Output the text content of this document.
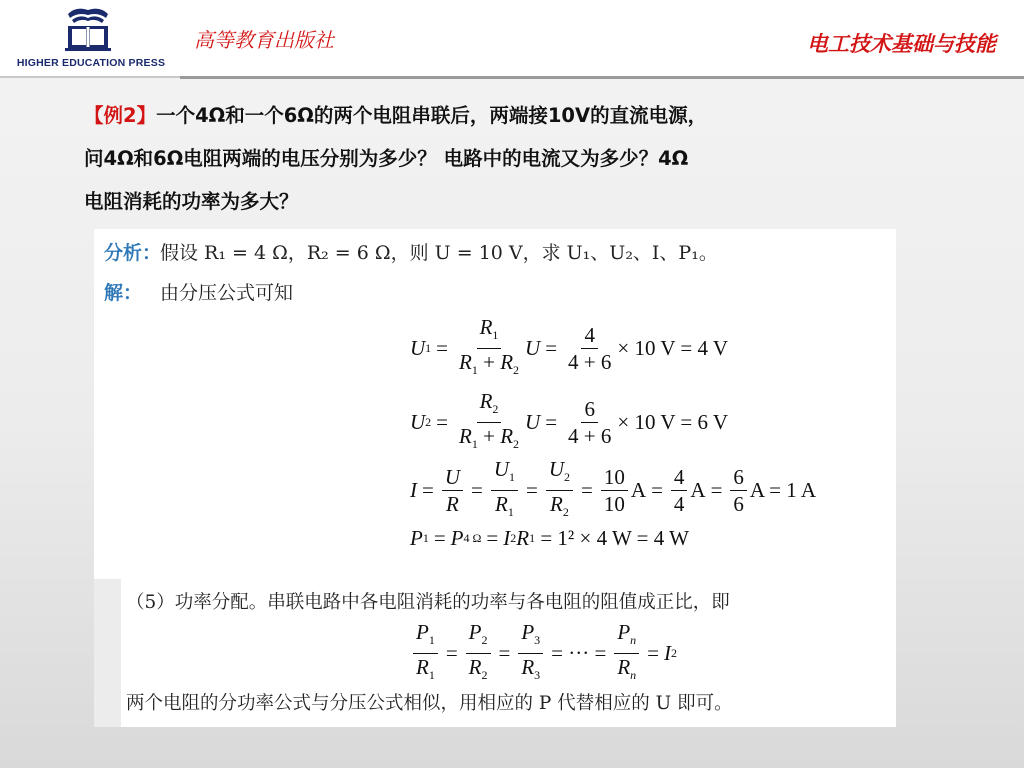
HIGHER EDUCATION PRESS
高等教育出版社	电工技术基础与技能
【例2】一个4Ω和一个6Ω的两个电阻串联后，两端接10V的直流电源，
问4Ω和6Ω电阻两端的电压分别为多少？ 电路中的电流又为多少？4Ω
电阻消耗的功率为多大？
分析：
假设 R₁ = 4 Ω，R₂ = 6 Ω，则 U = 10 V，求 U₁、U₂、I、P₁。
解： 由分压公式可知
U $1 = \frac{R_1}{R_1 + R_2}$ $U = \frac{4}{4 + 6} \times 10$ V = 4 V
U $2 = \frac{R_2}{R_1 + R_2}$ $U = \frac{6}{4 + 6} \times 10$ V = 6 V
$I = \frac{U}{R} = \frac{U_1}{R_1} = \frac{U_2}{R_2} = \frac{10}{10}$ $A = \frac{4}{4}$ $A = \frac{6}{6}$ A = 1 A
P 1 = P 4 Ω = I 2 R 1
= 1² × 4 W = 4 W
（5）功率分配。串联电路中各电阻消耗的功率与各电阻的阻值成正比，即
$\frac{P_1}{R_1} = \frac{P_2}{R_2} = \frac{P_3}{R_3}$ = ··· = $\frac{P_n}{R_n} = I$ 2
两个电阻的分功率公式与分压公式相似，用相应的 P 代替相应的 U 即可。
